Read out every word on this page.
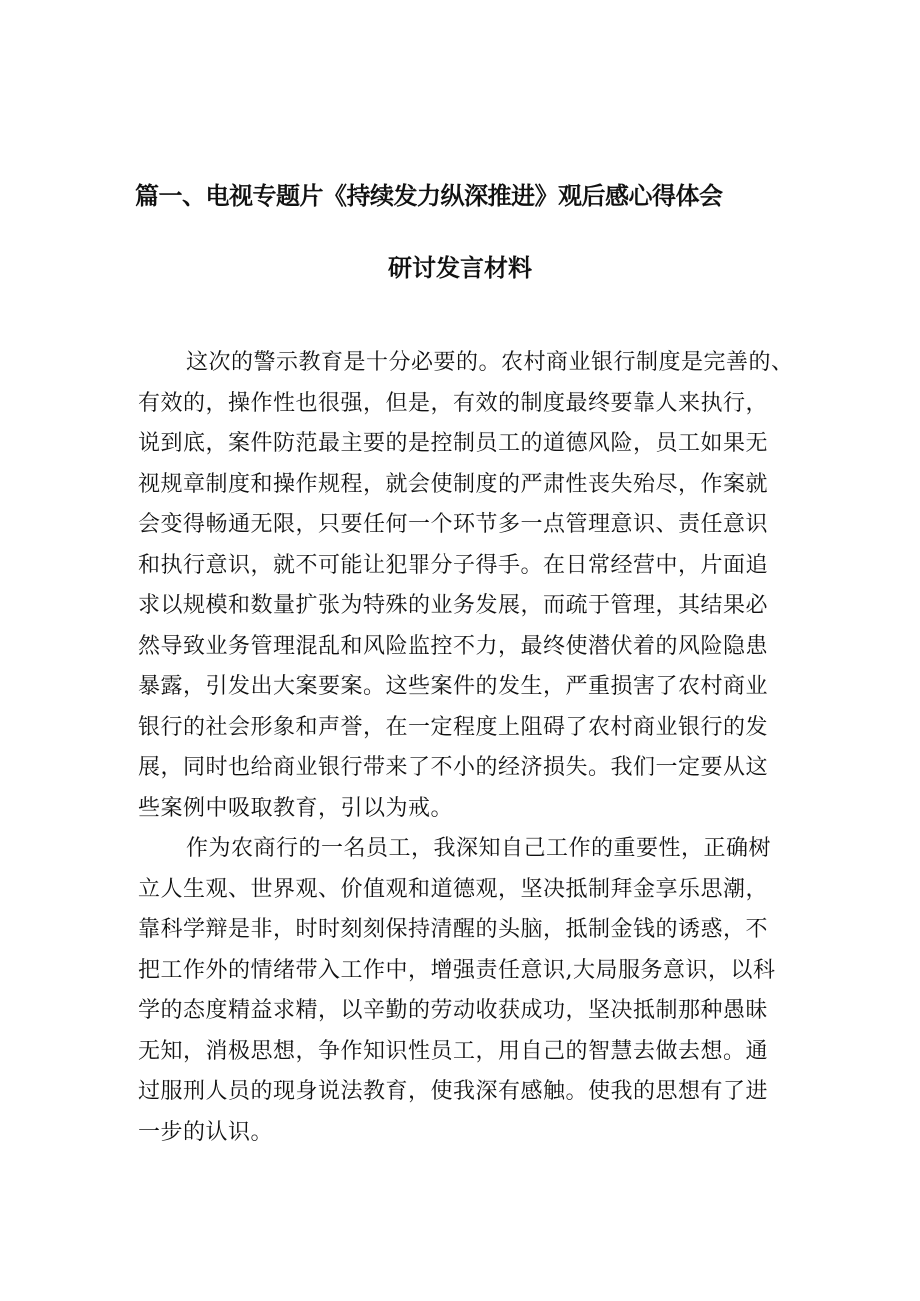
篇一、电视专题片《持续发力纵深推进》观后感心得体会
研讨发言材料
这次的警示教育是十分必要的。农村商业银行制度是完善的、
有效的，操作性也很强，但是，有效的制度最终要靠人来执行，
说到底，案件防范最主要的是控制员工的道德风险，员工如果无
视规章制度和操作规程，就会使制度的严肃性丧失殆尽，作案就
会变得畅通无限，只要任何一个环节多一点管理意识、责任意识
和执行意识，就不可能让犯罪分子得手。在日常经营中，片面追
求以规模和数量扩张为特殊的业务发展，而疏于管理，其结果必
然导致业务管理混乱和风险监控不力，最终使潜伏着的风险隐患
暴露，引发出大案要案。这些案件的发生，严重损害了农村商业
银行的社会形象和声誉，在一定程度上阻碍了农村商业银行的发
展，同时也给商业银行带来了不小的经济损失。我们一定要从这
些案例中吸取教育，引以为戒。
作为农商行的一名员工，我深知自己工作的重要性，正确树
立人生观、世界观、价值观和道德观，坚决抵制拜金享乐思潮，
靠科学辩是非，时时刻刻保持清醒的头脑，抵制金钱的诱惑，不
把工作外的情绪带入工作中，增强责任意识,大局服务意识，以科
学的态度精益求精，以辛勤的劳动收获成功，坚决抵制那种愚昧
无知，消极思想，争作知识性员工，用自己的智慧去做去想。通
过服刑人员的现身说法教育，使我深有感触。使我的思想有了进
一步的认识。
